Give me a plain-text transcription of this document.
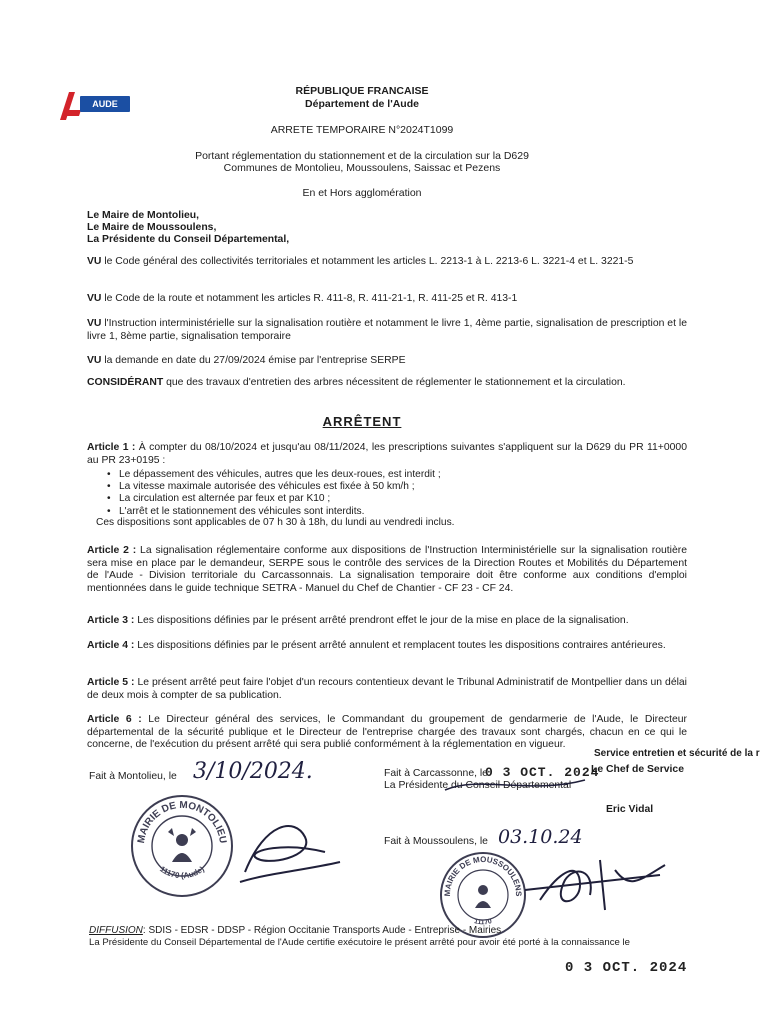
AUDE
RÉPUBLIQUE FRANCAISE
Département de l'Aude
ARRETE TEMPORAIRE N°2024T1099
Portant réglementation du stationnement et de la circulation sur la D629
Communes de Montolieu, Moussoulens, Saissac et Pezens
En et Hors agglomération
Le Maire de Montolieu,
Le Maire de Moussoulens,
La Présidente du Conseil Départemental,
VU le Code général des collectivités territoriales et notamment les articles L. 2213-1 à L. 2213-6 L. 3221-4 et L. 3221-5
VU le Code de la route et notamment les articles R. 411-8, R. 411-21-1, R. 411-25 et R. 413-1
VU l'Instruction interministérielle sur la signalisation routière et notamment le livre 1, 4ème partie, signalisation de prescription et le livre 1, 8ème partie, signalisation temporaire
VU la demande en date du 27/09/2024 émise par l'entreprise SERPE
CONSIDÉRANT que des travaux d'entretien des arbres nécessitent de réglementer le stationnement et la circulation.
ARRÊTENT
Article 1 : À compter du 08/10/2024 et jusqu'au 08/11/2024, les prescriptions suivantes s'appliquent sur la D629 du PR 11+0000 au PR 23+0195 :
• Le dépassement des véhicules, autres que les deux-roues, est interdit ;
• La vitesse maximale autorisée des véhicules est fixée à 50 km/h ;
• La circulation est alternée par feux et par K10 ;
• L'arrêt et le stationnement des véhicules sont interdits.
Ces dispositions sont applicables de 07 h 30 à 18h, du lundi au vendredi inclus.
Article 2 : La signalisation réglementaire conforme aux dispositions de l'Instruction Interministérielle sur la signalisation routière sera mise en place par le demandeur, SERPE sous le contrôle des services de la Direction Routes et Mobilités du Département de l'Aude - Division territoriale du Carcassonnais. La signalisation temporaire doit être conforme aux conditions d'emploi mentionnées dans le guide technique SETRA - Manuel du Chef de Chantier - CF 23 - CF 24.
Article 3 : Les dispositions définies par le présent arrêté prendront effet le jour de la mise en place de la signalisation.
Article 4 : Les dispositions définies par le présent arrêté annulent et remplacent toutes les dispositions contraires antérieures.
Article 5 : Le présent arrêté peut faire l'objet d'un recours contentieux devant le Tribunal Administratif de Montpellier dans un délai de deux mois à compter de sa publication.
Article 6 : Le Directeur général des services, le Commandant du groupement de gendarmerie de l'Aude, le Directeur départemental de la sécurité publique et le Directeur de l'entreprise chargée des travaux sont chargés, chacun en ce qui le concerne, de l'exécution du présent arrêté qui sera publié conformément à la réglementation en vigueur.
Fait à Montolieu, le 3/10/2024.
Service entretien et sécurité de la r
Fait à Carcassonne, le
0 3 OCT. 2024
Le Chef de Service
La Présidente du Conseil Départemental
Eric Vidal
Fait à Moussoulens, le 03.10.24
MAIRIE DE MONTOLIEU
11170 (Aude)
MAIRIE DE MOUSSOULENS
11170
DIFFUSION: SDIS - EDSR - DDSP - Région Occitanie Transports Aude - Entreprise - Mairies
La Présidente du Conseil Départemental de l'Aude certifie exécutoire le présent arrêté pour avoir été porté à la connaissance le
0 3 OCT. 2024
